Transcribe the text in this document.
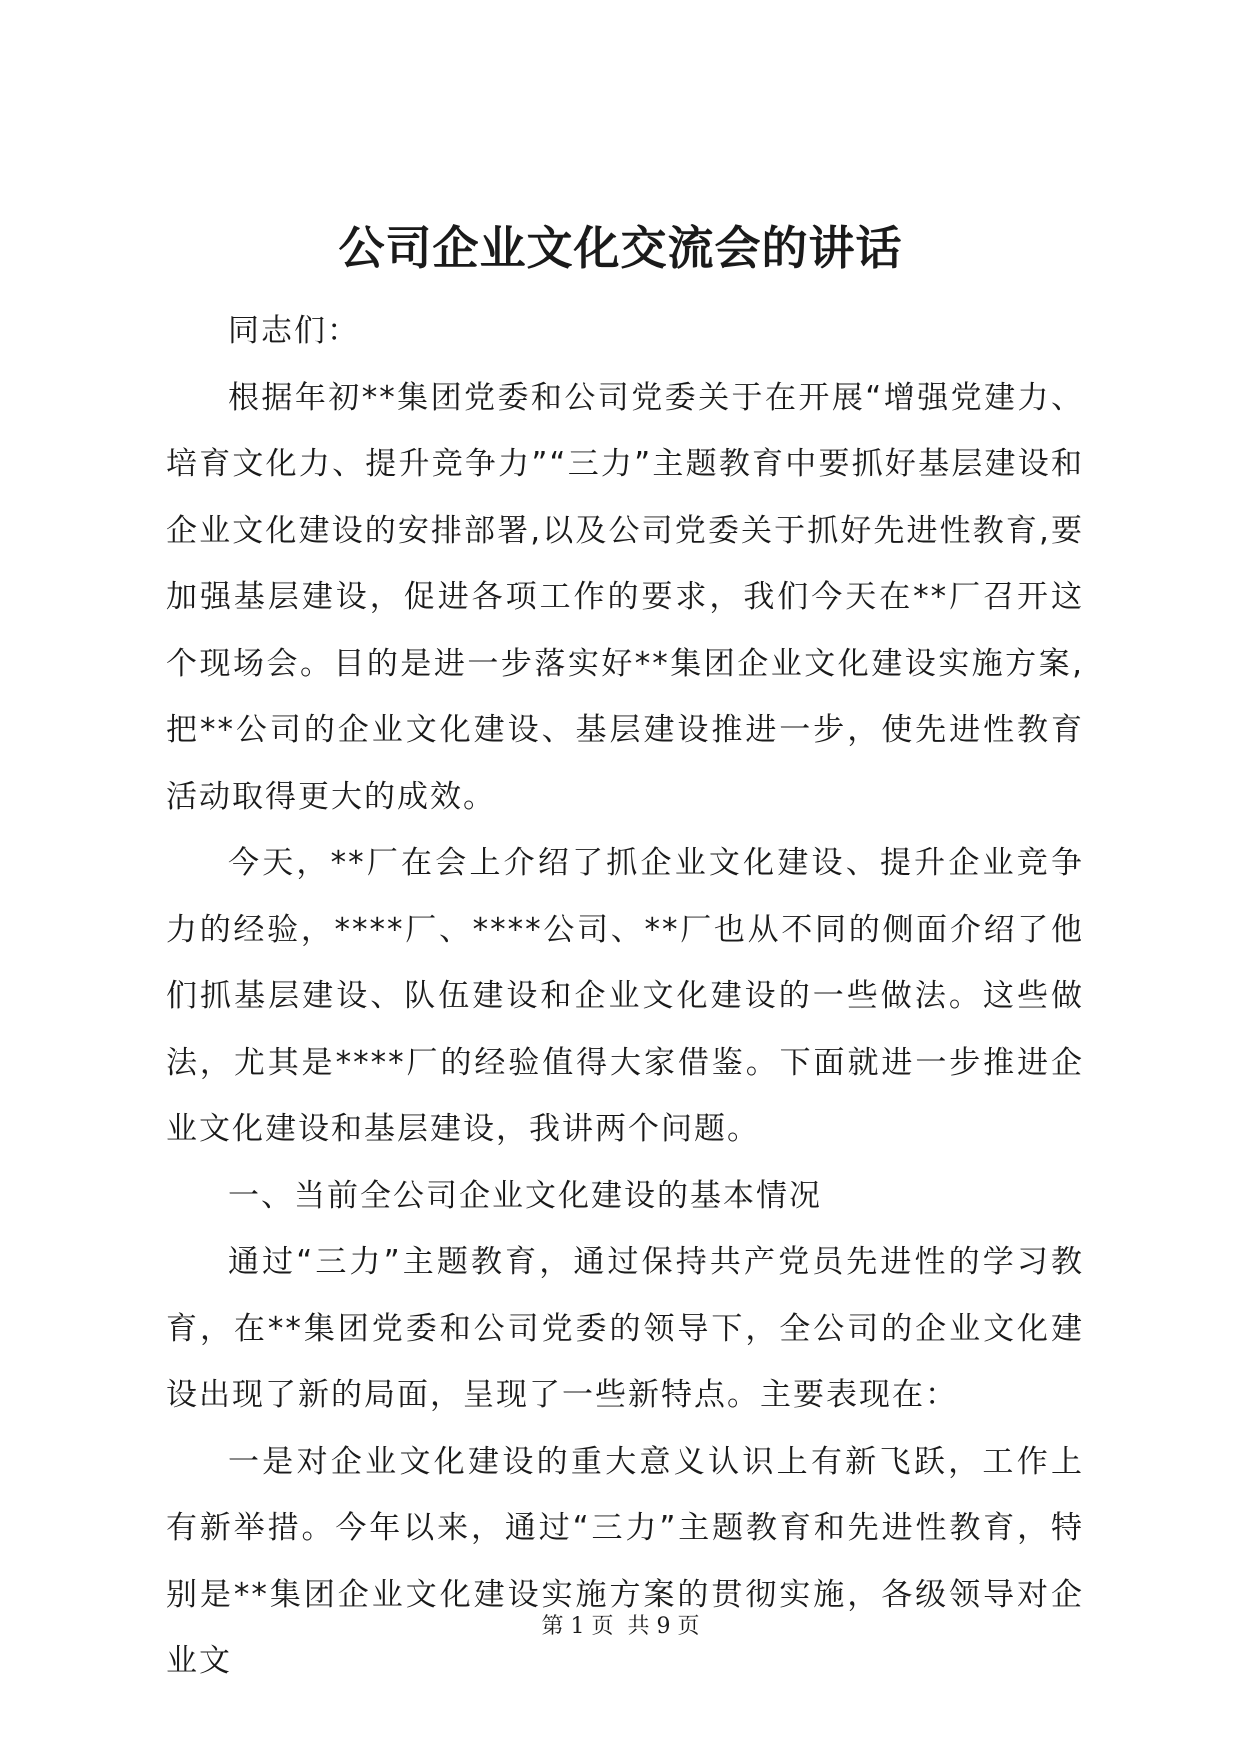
公司企业文化交流会的讲话

同志们：

根据年初**集团党委和公司党委关于在开展“增强党建力、培育文化力、提升竞争力”“三力”主题教育中要抓好基层建设和企业文化建设的安排部署,以及公司党委关于抓好先进性教育,要加强基层建设，促进各项工作的要求，我们今天在**厂召开这个现场会。目的是进一步落实好**集团企业文化建设实施方案,把**公司的企业文化建设、基层建设推进一步，使先进性教育活动取得更大的成效。

今天，**厂在会上介绍了抓企业文化建设、提升企业竞争力的经验，****厂、****公司、**厂也从不同的侧面介绍了他们抓基层建设、队伍建设和企业文化建设的一些做法。这些做法，尤其是****厂的经验值得大家借鉴。下面就进一步推进企业文化建设和基层建设，我讲两个问题。

一、当前全公司企业文化建设的基本情况

通过“三力”主题教育，通过保持共产党员先进性的学习教育，在**集团党委和公司党委的领导下，全公司的企业文化建设出现了新的局面，呈现了一些新特点。主要表现在：

一是对企业文化建设的重大意义认识上有新飞跃，工作上有新举措。今年以来，通过“三力”主题教育和先进性教育，特别是**集团企业文化建设实施方案的贯彻实施，各级领导对企业文

第 1 页  共 9 页
